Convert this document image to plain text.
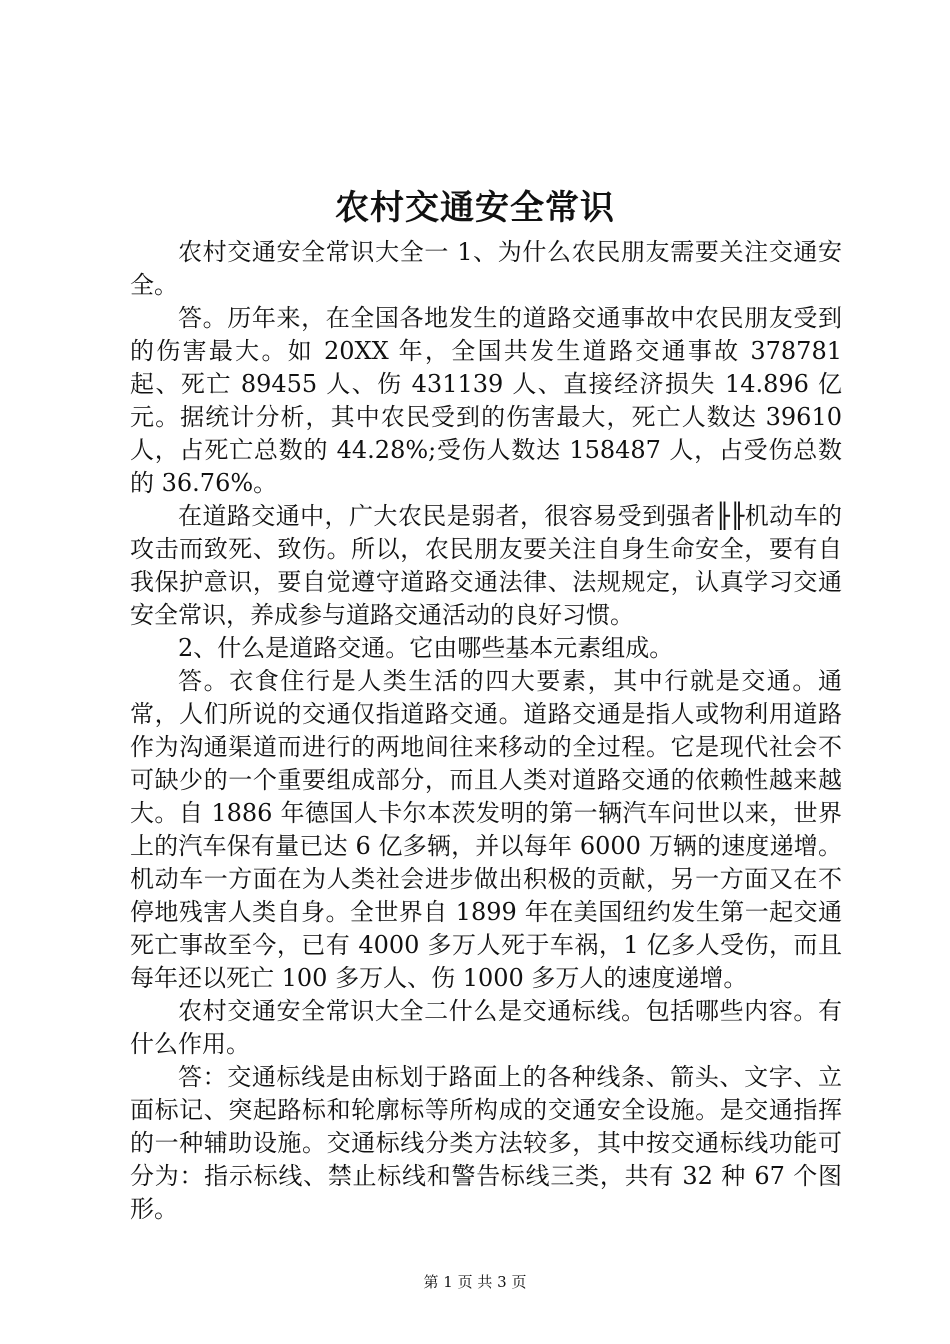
农村交通安全常识

农村交通安全常识大全一 1、为什么农民朋友需要关注交通安全。

答。历年来，在全国各地发生的道路交通事故中农民朋友受到的伤害最大。如 20XX 年，全国共发生道路交通事故 378781 起、死亡 89455 人、伤 431139 人、直接经济损失 14.896 亿元。据统计分析，其中农民受到的伤害最大，死亡人数达 39610 人，占死亡总数的 44.28%;受伤人数达 158487 人，占受伤总数的 36.76%。

在道路交通中，广大农民是弱者，很容易受到强者╟╟机动车的攻击而致死、致伤。所以，农民朋友要关注自身生命安全，要有自我保护意识，要自觉遵守道路交通法律、法规规定，认真学习交通安全常识，养成参与道路交通活动的良好习惯。

2、什么是道路交通。它由哪些基本元素组成。

答。衣食住行是人类生活的四大要素，其中行就是交通。通常，人们所说的交通仅指道路交通。道路交通是指人或物利用道路作为沟通渠道而进行的两地间往来移动的全过程。它是现代社会不可缺少的一个重要组成部分，而且人类对道路交通的依赖性越来越大。自 1886 年德国人卡尔本茨发明的第一辆汽车问世以来，世界上的汽车保有量已达 6 亿多辆，并以每年 6000 万辆的速度递增。机动车一方面在为人类社会进步做出积极的贡献，另一方面又在不停地残害人类自身。全世界自 1899 年在美国纽约发生第一起交通死亡事故至今，已有 4000 多万人死于车祸，1 亿多人受伤，而且每年还以死亡 100 多万人、伤 1000 多万人的速度递增。

农村交通安全常识大全二什么是交通标线。包括哪些内容。有什么作用。

答：交通标线是由标划于路面上的各种线条、箭头、文字、立面标记、突起路标和轮廓标等所构成的交通安全设施。是交通指挥的一种辅助设施。交通标线分类方法较多，其中按交通标线功能可分为：指示标线、禁止标线和警告标线三类，共有 32 种 67 个图形。

第 1 页 共 3 页
